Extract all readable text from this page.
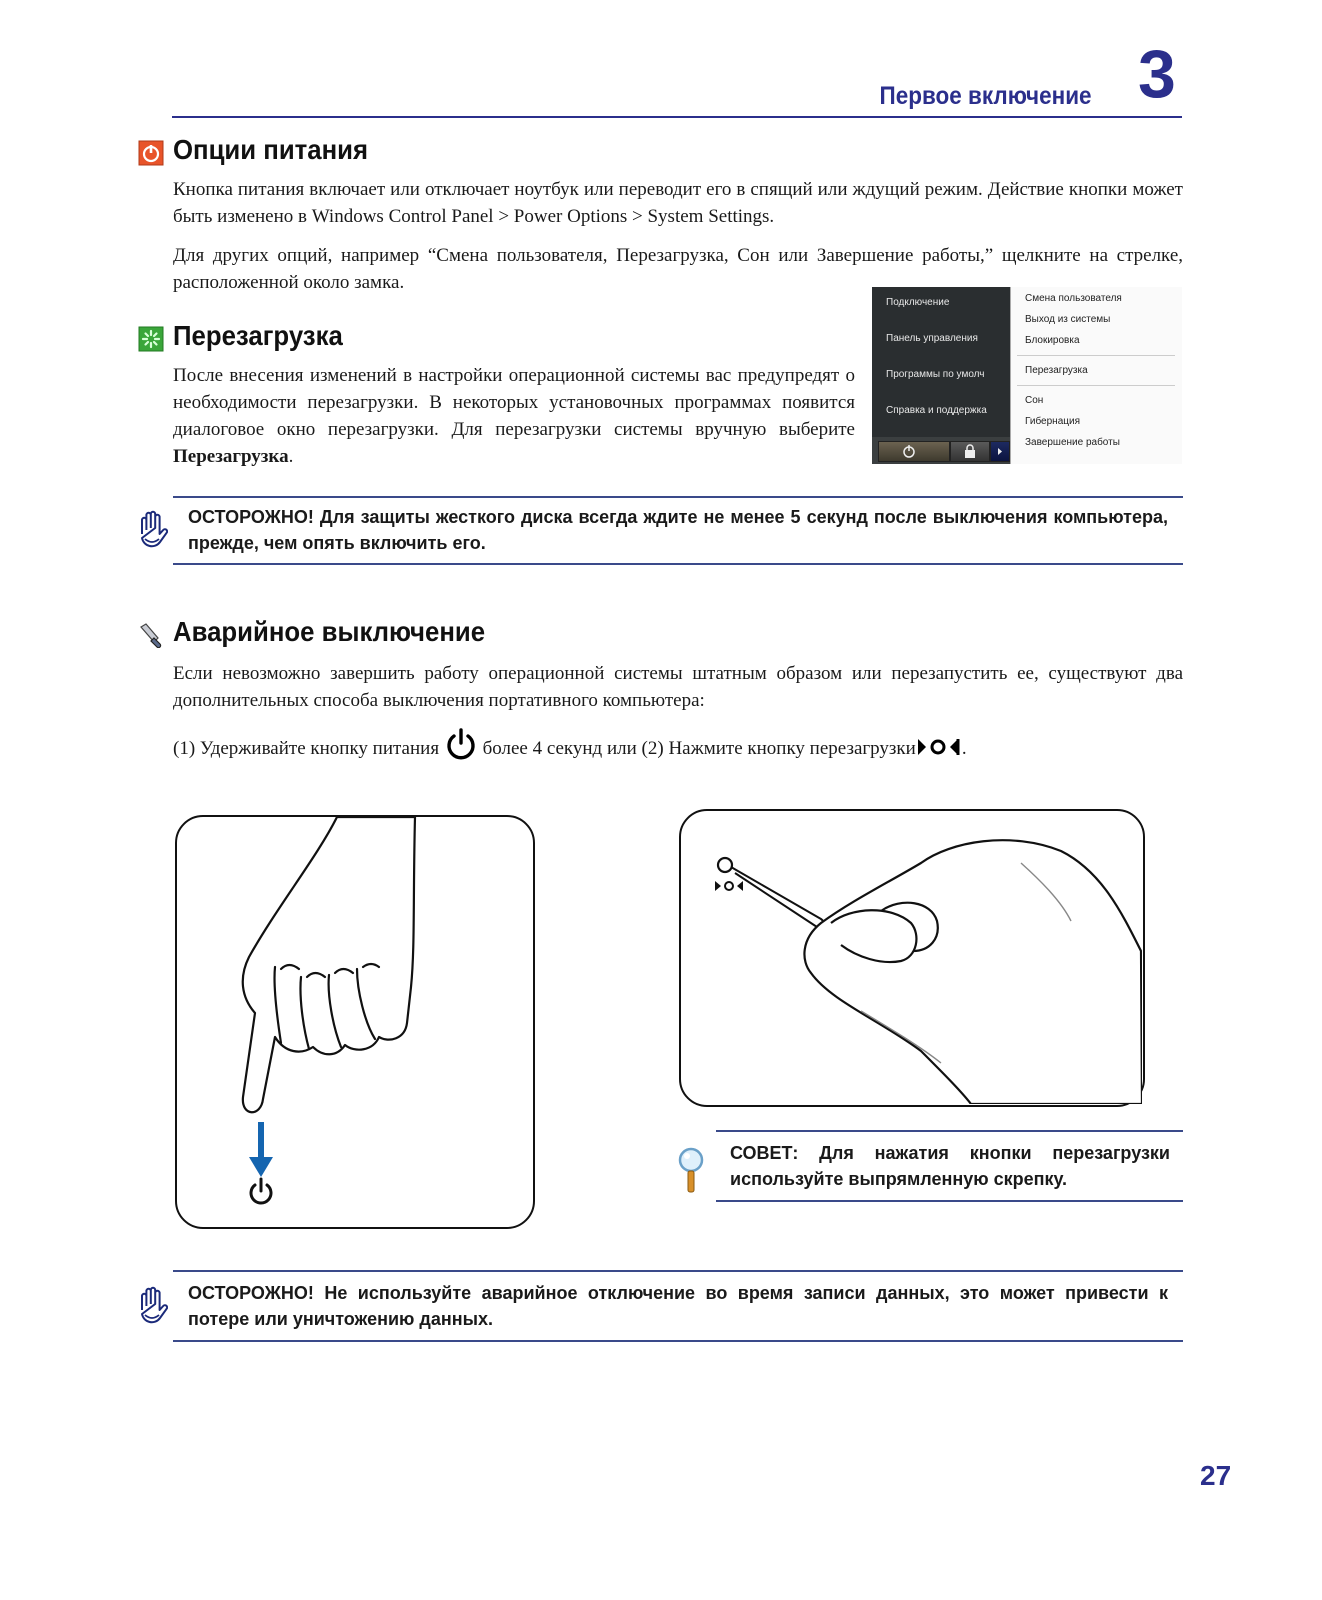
Первое включение 3
Опции питания
Кнопка питания включает или отключает ноутбук или переводит его в спящий или ждущий режим. Действие кнопки может быть изменено в Windows Control Panel > Power Options > System Settings.
Для других опций, например “Смена пользователя, Перезагрузка, Сон или Завершение работы,” щелкните на стрелке, расположенной около замка.
Перезагрузка
После внесения изменений в настройки операционной системы вас предупредят о необходимости перезагрузки. В некоторых установочных программах появится диалоговое окно перезагрузки. Для перезагрузки системы вручную выберите Перезагрузка.
Подключение
Панель управления
Программы по умолч
Справка и поддержка
Смена пользователя
Выход из системы
Блокировка
Перезагрузка
Сон
Гибернация
Завершение работы
ОСТОРОЖНО! Для защиты жесткого диска всегда ждите не менее 5 секунд после выключения компьютера, прежде, чем опять включить его.
Аварийное выключение
Если невозможно завершить работу операционной системы штатным образом или перезапустить ее, существуют два дополнительных способа выключения портативного компьютера:
(1) Удерживайте кнопку питания более 4 секунд или (2) Нажмите кнопку перезагрузки .
СОВЕТ: Для нажатия кнопки перезагрузки используйте выпрямленную скрепку.
ОСТОРОЖНО! Не используйте аварийное отключение во время записи данных, это может привести к потере или уничтожению данных.
27
